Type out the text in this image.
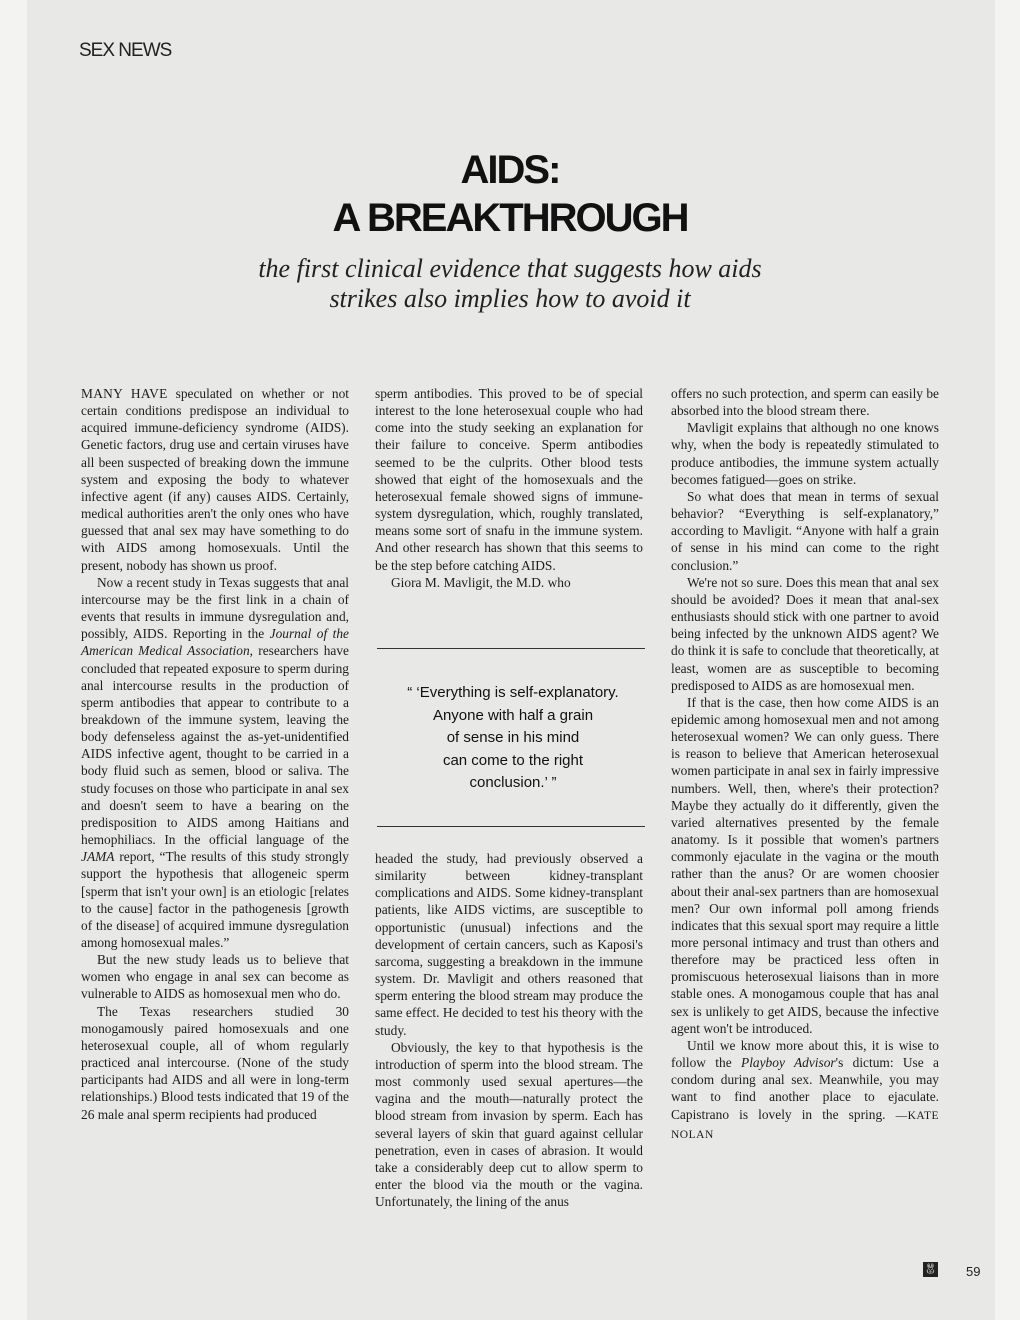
SEX NEWS
AIDS:
A BREAKTHROUGH
the first clinical evidence that suggests how aids
strikes also implies how to avoid it

MANY HAVE speculated on whether or not certain conditions predispose an individual to acquired immune-deficiency syndrome (AIDS). Genetic factors, drug use and certain viruses have all been suspected of breaking down the immune system and exposing the body to whatever infective agent (if any) causes AIDS. Certainly, medical authorities aren't the only ones who have guessed that anal sex may have something to do with AIDS among homosexuals. Until the present, nobody has shown us proof.

Now a recent study in Texas suggests that anal intercourse may be the first link in a chain of events that results in immune dysregulation and, possibly, AIDS. Reporting in the Journal of the American Medical Association, researchers have concluded that repeated exposure to sperm during anal intercourse results in the production of sperm antibodies that appear to contribute to a breakdown of the immune system, leaving the body defenseless against the as-yet-unidentified AIDS infective agent, thought to be carried in a body fluid such as semen, blood or saliva. The study focuses on those who participate in anal sex and doesn't seem to have a bearing on the predisposition to AIDS among Haitians and hemophiliacs. In the official language of the JAMA report, “The results of this study strongly support the hypothesis that allogeneic sperm [sperm that isn't your own] is an etiologic [relates to the cause] factor in the pathogenesis [growth of the disease] of acquired immune dysregulation among homosexual males.”

But the new study leads us to believe that women who engage in anal sex can become as vulnerable to AIDS as homosexual men who do.

The Texas researchers studied 30 monogamously paired homosexuals and one heterosexual couple, all of whom regularly practiced anal intercourse. (None of the study participants had AIDS and all were in long-term relationships.) Blood tests indicated that 19 of the 26 male anal sperm recipients had produced

sperm antibodies. This proved to be of special interest to the lone heterosexual couple who had come into the study seeking an explanation for their failure to conceive. Sperm antibodies seemed to be the culprits. Other blood tests showed that eight of the homosexuals and the heterosexual female showed signs of immune-system dysregulation, which, roughly translated, means some sort of snafu in the immune system. And other research has shown that this seems to be the step before catching AIDS.

Giora M. Mavligit, the M.D. who

“ ‘Everything is self-explanatory.

Anyone with half a grain

of sense in his mind

can come to the right

conclusion.’ ”

headed the study, had previously observed a similarity between kidney-transplant complications and AIDS. Some kidney-transplant patients, like AIDS victims, are susceptible to opportunistic (unusual) infections and the development of certain cancers, such as Kaposi's sarcoma, suggesting a breakdown in the immune system. Dr. Mavligit and others reasoned that sperm entering the blood stream may produce the same effect. He decided to test his theory with the study.

Obviously, the key to that hypothesis is the introduction of sperm into the blood stream. The most commonly used sexual apertures—the vagina and the mouth—naturally protect the blood stream from invasion by sperm. Each has several layers of skin that guard against cellular penetration, even in cases of abrasion. It would take a considerably deep cut to allow sperm to enter the blood via the mouth or the vagina. Unfortunately, the lining of the anus

offers no such protection, and sperm can easily be absorbed into the blood stream there.

Mavligit explains that although no one knows why, when the body is repeatedly stimulated to produce antibodies, the immune system actually becomes fatigued—goes on strike.

So what does that mean in terms of sexual behavior? “Everything is self-explanatory,” according to Mavligit. “Anyone with half a grain of sense in his mind can come to the right conclusion.”

We're not so sure. Does this mean that anal sex should be avoided? Does it mean that anal-sex enthusiasts should stick with one partner to avoid being infected by the unknown AIDS agent? We do think it is safe to conclude that theoretically, at least, women are as susceptible to becoming predisposed to AIDS as are homosexual men.

If that is the case, then how come AIDS is an epidemic among homosexual men and not among heterosexual women? We can only guess. There is reason to believe that American heterosexual women participate in anal sex in fairly impressive numbers. Well, then, where's their protection? Maybe they actually do it differently, given the varied alternatives presented by the female anatomy. Is it possible that women's partners commonly ejaculate in the vagina or the mouth rather than the anus? Or are women choosier about their anal-sex partners than are homosexual men? Our own informal poll among friends indicates that this sexual sport may require a little more personal intimacy and trust than others and therefore may be practiced less often in promiscuous heterosexual liaisons than in more stable ones. A monogamous couple that has anal sex is unlikely to get AIDS, because the infective agent won't be introduced.

Until we know more about this, it is wise to follow the Playboy Advisor's dictum: Use a condom during anal sex. Meanwhile, you may want to find another place to ejaculate. Capistrano is lovely in the spring. —KATE NOLAN

🐰︎ 59
